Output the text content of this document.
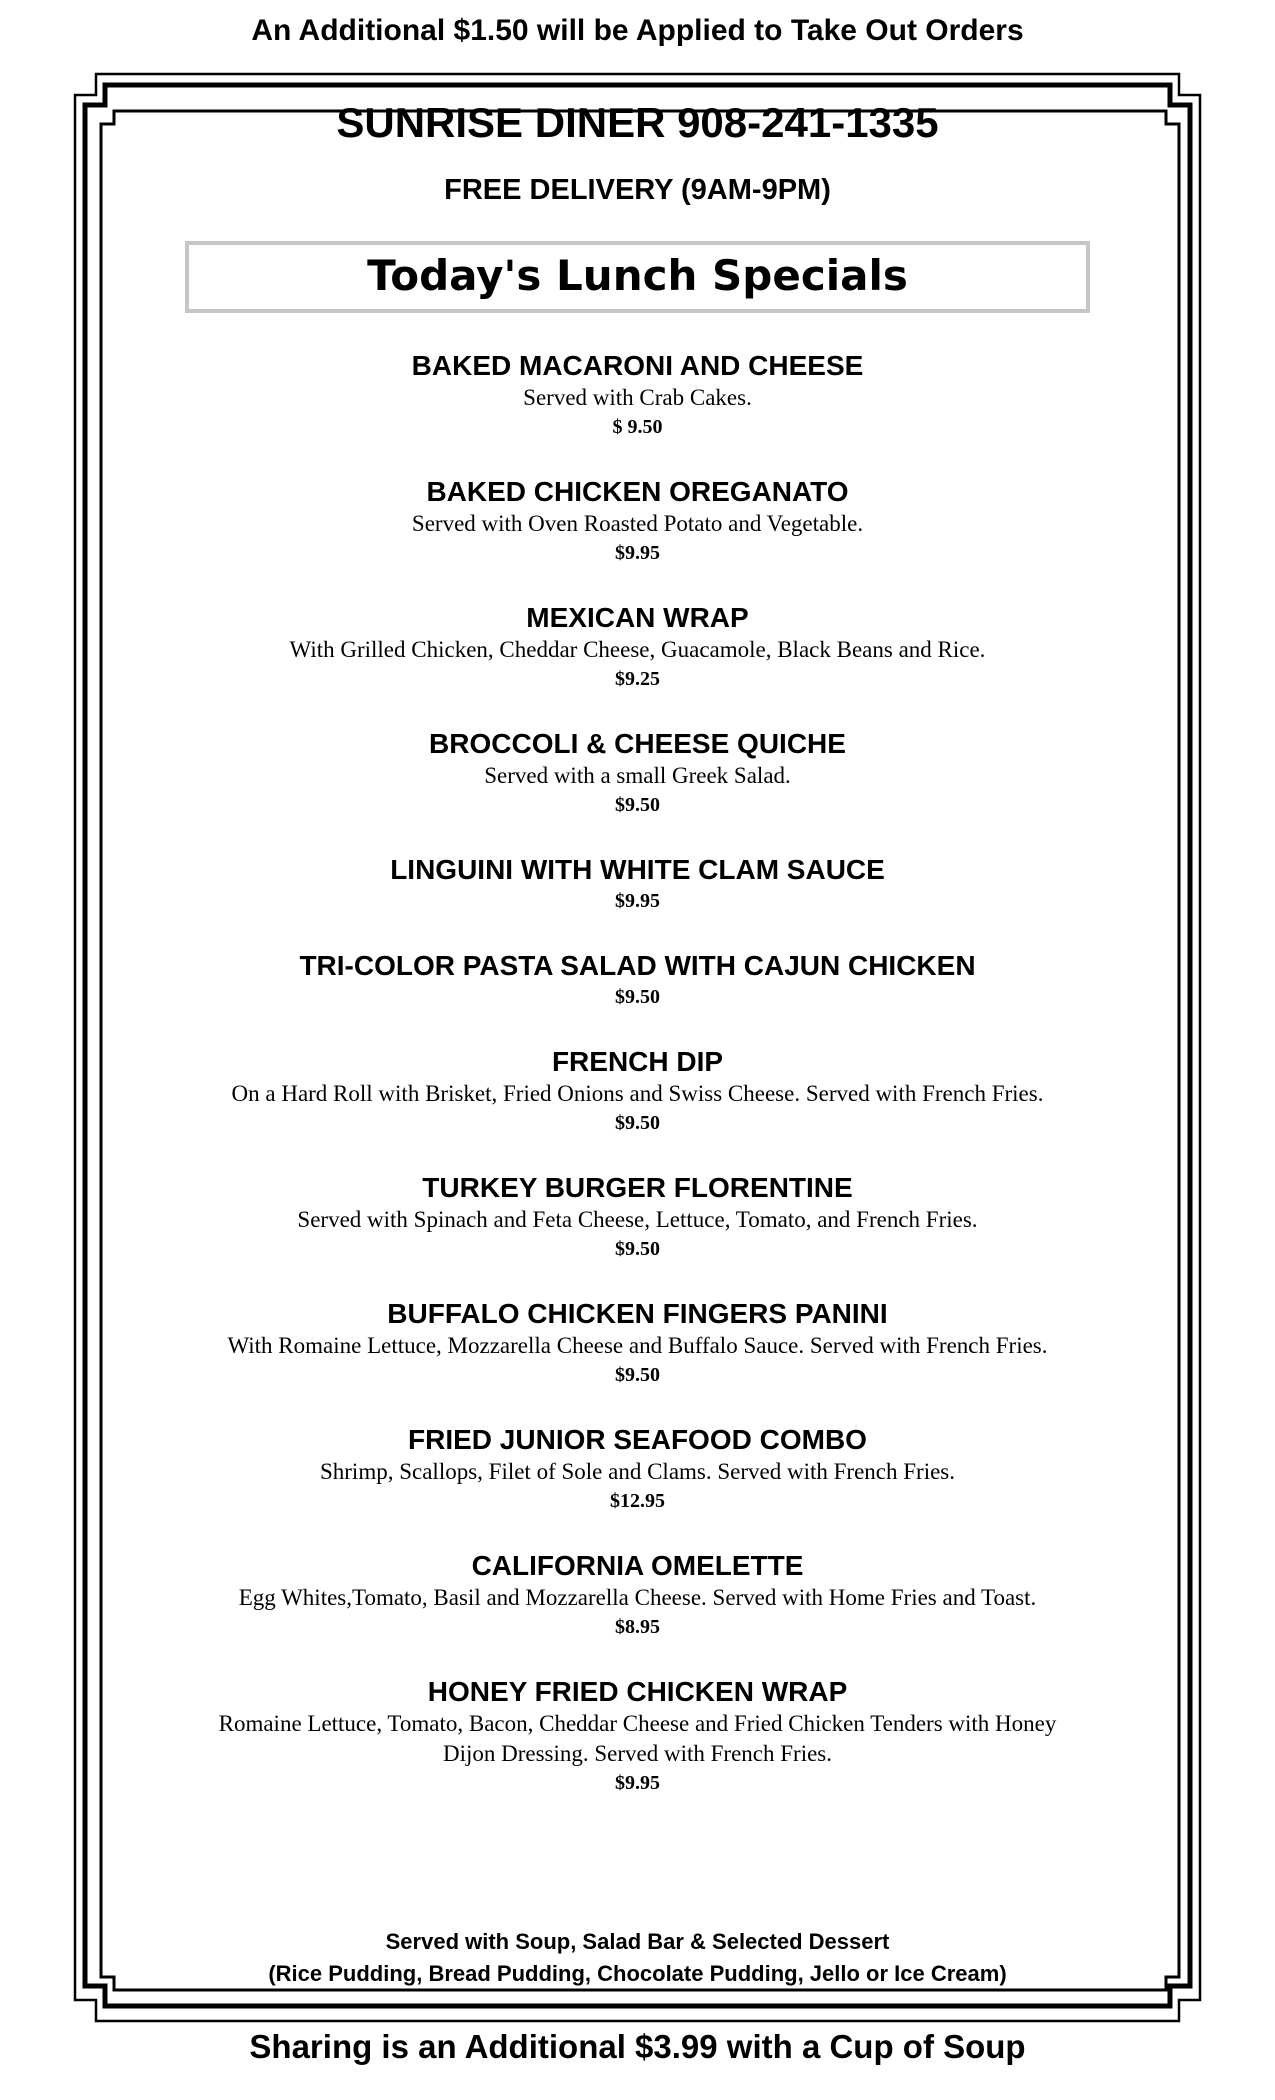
An Additional $1.50 will be Applied to Take Out Orders
SUNRISE DINER 908-241-1335
FREE DELIVERY (9AM-9PM)
Today's Lunch Specials
BAKED MACARONI AND CHEESE
Served with Crab Cakes.
$ 9.50
BAKED CHICKEN OREGANATO
Served with Oven Roasted Potato and Vegetable.
$9.95
MEXICAN WRAP
With Grilled Chicken, Cheddar Cheese, Guacamole, Black Beans and Rice.
$9.25
BROCCOLI & CHEESE QUICHE
Served with a small Greek Salad.
$9.50
LINGUINI WITH WHITE CLAM SAUCE
$9.95
TRI-COLOR PASTA SALAD WITH CAJUN CHICKEN
$9.50
FRENCH DIP
On a Hard Roll with Brisket, Fried Onions and Swiss Cheese. Served with French Fries.
$9.50
TURKEY BURGER FLORENTINE
Served with Spinach and Feta Cheese, Lettuce, Tomato, and French Fries.
$9.50
BUFFALO CHICKEN FINGERS PANINI
With Romaine Lettuce, Mozzarella Cheese and Buffalo Sauce. Served with French Fries.
$9.50
FRIED JUNIOR SEAFOOD COMBO
Shrimp, Scallops, Filet of Sole and Clams. Served with French Fries.
$12.95
CALIFORNIA OMELETTE
Egg Whites,Tomato, Basil and Mozzarella Cheese. Served with Home Fries and Toast.
$8.95
HONEY FRIED CHICKEN WRAP
Romaine Lettuce, Tomato, Bacon, Cheddar Cheese and Fried Chicken Tenders with Honey Dijon Dressing. Served with French Fries.
$9.95
Served with Soup, Salad Bar & Selected Dessert
(Rice Pudding, Bread Pudding, Chocolate Pudding, Jello or Ice Cream)
Sharing is an Additional $3.99 with a Cup of Soup
